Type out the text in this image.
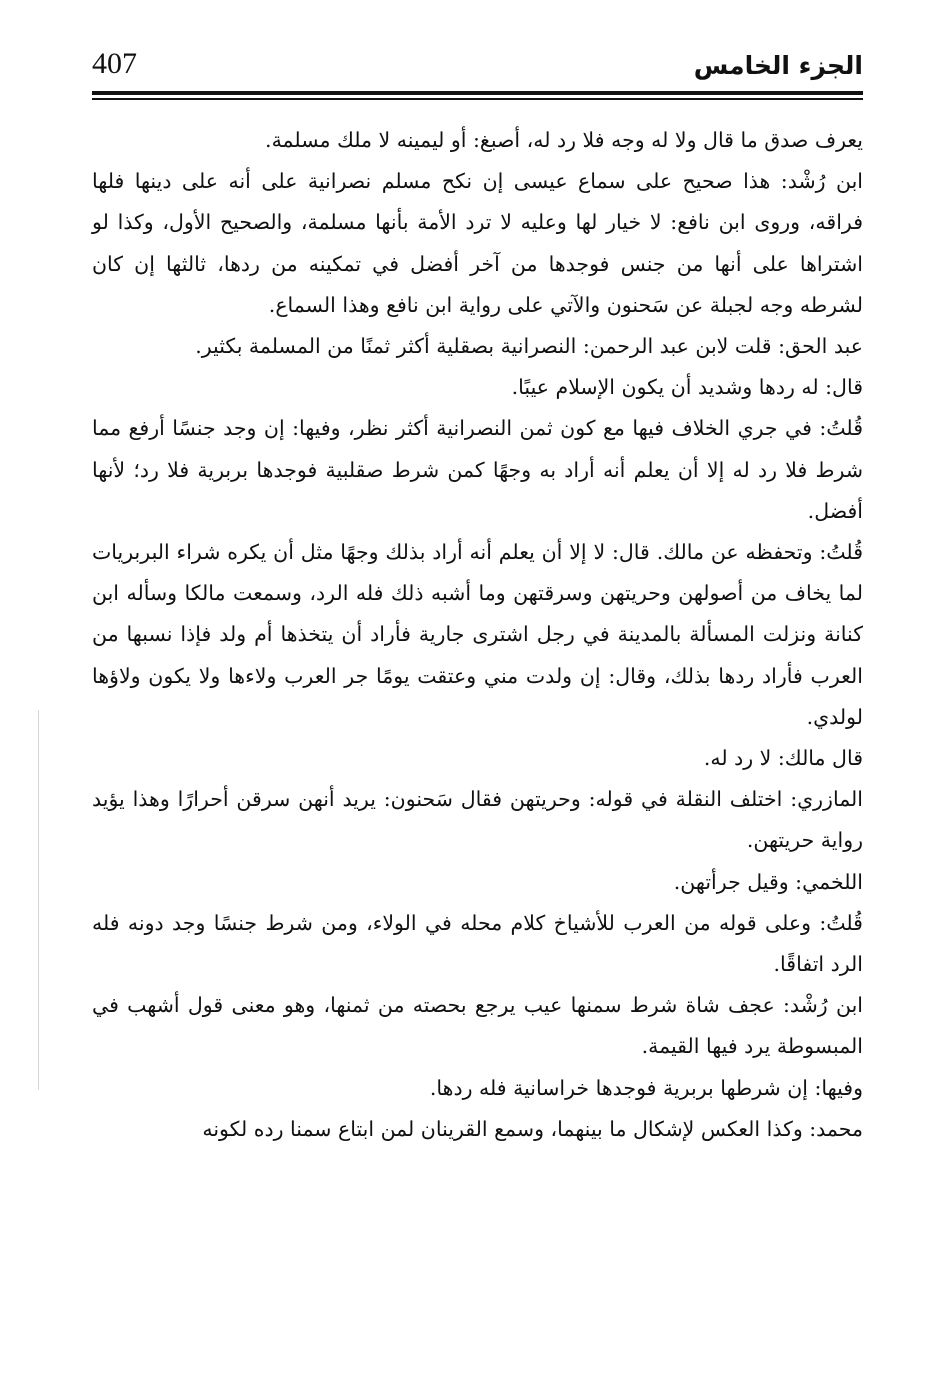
407	الجزء الخامس

يعرف صدق ما قال ولا له وجه فلا رد له، أصبغ: أو ليمينه لا ملك مسلمة.

ابن رُشْد: هذا صحيح على سماع عيسى إن نكح مسلم نصرانية على أنه على دينها فلها فراقه، وروى ابن نافع: لا خيار لها وعليه لا ترد الأمة بأنها مسلمة، والصحيح الأول، وكذا لو اشتراها على أنها من جنس فوجدها من آخر أفضل في تمكينه من ردها، ثالثها إن كان لشرطه وجه لجبلة عن سَحنون والآتي على رواية ابن نافع وهذا السماع.

عبد الحق: قلت لابن عبد الرحمن: النصرانية بصقلية أكثر ثمنًا من المسلمة بكثير.

قال: له ردها وشديد أن يكون الإسلام عيبًا.

قُلتُ: في جري الخلاف فيها مع كون ثمن النصرانية أكثر نظر، وفيها: إن وجد جنسًا أرفع مما شرط فلا رد له إلا أن يعلم أنه أراد به وجهًا كمن شرط صقلبية فوجدها بربرية فلا رد؛ لأنها أفضل.

قُلتُ: وتحفظه عن مالك. قال: لا إلا أن يعلم أنه أراد بذلك وجهًا مثل أن يكره شراء البربريات لما يخاف من أصولهن وحريتهن وسرقتهن وما أشبه ذلك فله الرد، وسمعت مالكا وسأله ابن كنانة ونزلت المسألة بالمدينة في رجل اشترى جارية فأراد أن يتخذها أم ولد فإذا نسبها من العرب فأراد ردها بذلك، وقال: إن ولدت مني وعتقت يومًا جر العرب ولاءها ولا يكون ولاؤها لولدي.

قال مالك: لا رد له.

المازري: اختلف النقلة في قوله: وحريتهن فقال سَحنون: يريد أنهن سرقن أحرارًا وهذا يؤيد رواية حريتهن.

اللخمي: وقيل جرأتهن.

قُلتُ: وعلى قوله من العرب للأشياخ كلام محله في الولاء، ومن شرط جنسًا وجد دونه فله الرد اتفاقًا.

ابن رُشْد: عجف شاة شرط سمنها عيب يرجع بحصته من ثمنها، وهو معنى قول أشهب في المبسوطة يرد فيها القيمة.

وفيها: إن شرطها بربرية فوجدها خراسانية فله ردها.

محمد: وكذا العكس لإشكال ما بينهما، وسمع القرينان لمن ابتاع سمنا رده لكونه
